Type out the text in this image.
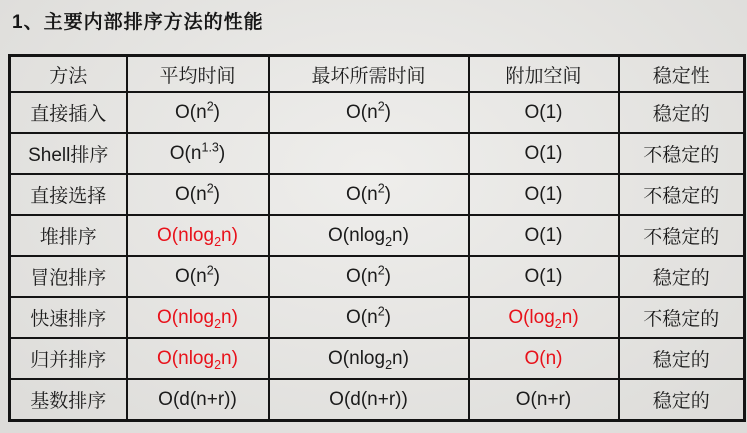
1、主要内部排序方法的性能
方法	平均时间	最坏所需时间	附加空间	稳定性
直接插入	$O(n^2)$	$O(n^2)$	O(1)	稳定的
Shell排序	$O(n^{1.3})$		O(1)	不稳定的
直接选择	$O(n^2)$	$O(n^2)$	O(1)	不稳定的
堆排序	O(nlog$_2$n)	O(nlog$_2$n)	O(1)	不稳定的
冒泡排序	$O(n^2)$	$O(n^2)$	O(1)	稳定的
快速排序	O(nlog$_2$n)	$O(n^2)$	$O(\log_2n)$	不稳定的
归并排序	O(nlog$_2$n)	O(nlog$_2$n)	O(n)	稳定的
基数排序	O(d(n+r))	O(d(n+r))	O(n+r)	稳定的
